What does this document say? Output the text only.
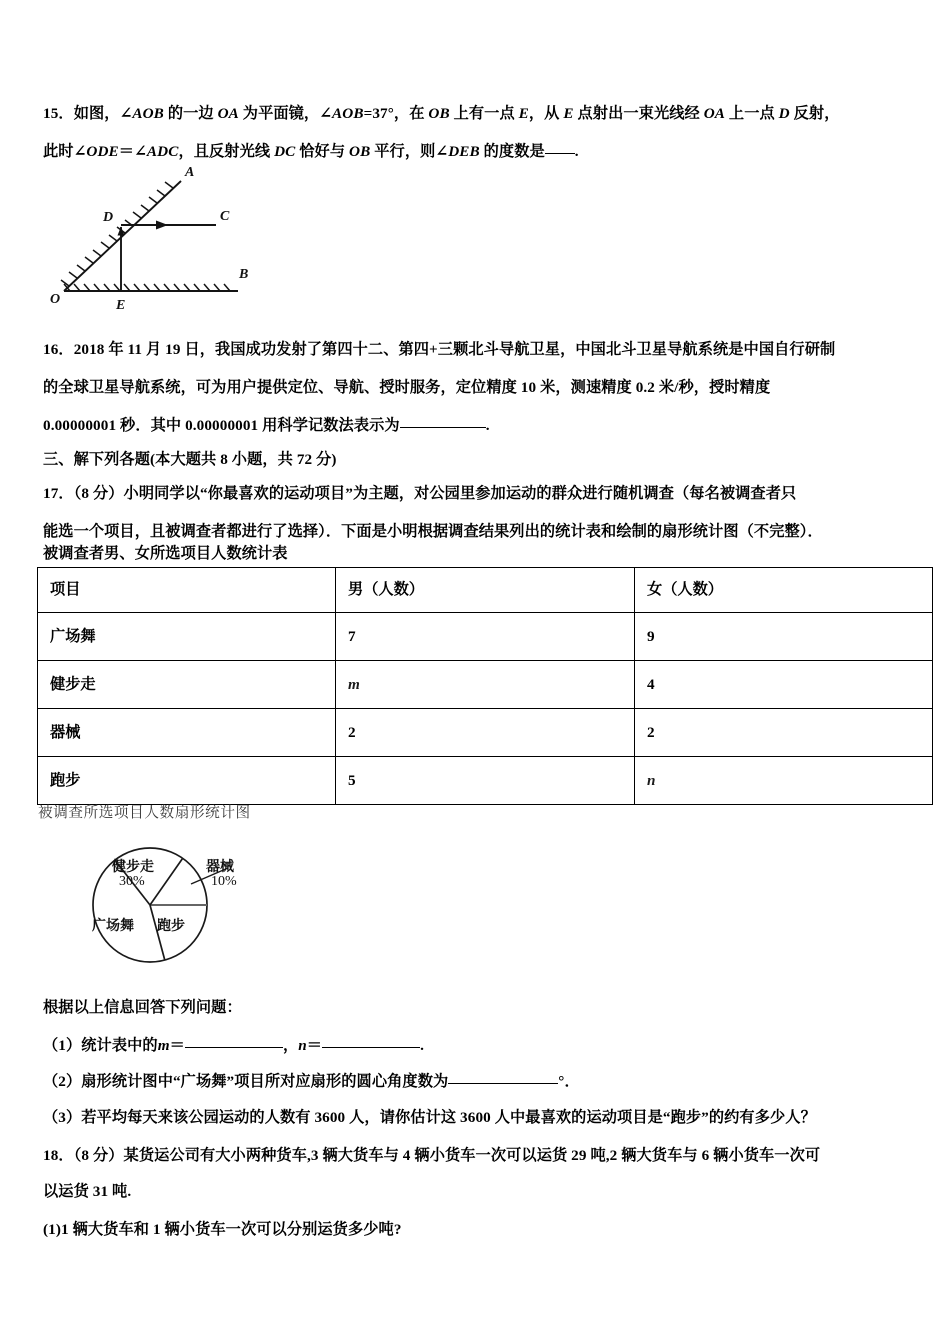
15．如图，∠AOB 的一边 OA 为平面镜，∠AOB=37°，在 OB 上有一点 E，从 E 点射出一束光线经 OA 上一点 D 反射，
此时∠ODE＝∠ADC，且反射光线 DC 恰好与 OB 平行，则∠DEB 的度数是 .
A
B
C
D
E
O
16．2018 年 11 月 19 日，我国成功发射了第四十二、第四+三颗北斗导航卫星，中国北斗卫星导航系统是中国自行研制
的全球卫星导航系统，可为用户提供定位、导航、授时服务，定位精度 10 米，测速精度 0.2 米/秒，授时精度
0.00000001 秒．其中 0.00000001 用科学记数法表示为	.
三、解下列各题(本大题共 8 小题，共 72 分)
17．（8 分）小明同学以“你最喜欢的运动项目”为主题，对公园里参加运动的群众进行随机调查（每名被调查者只
能选一个项目，且被调查者都进行了选择）．下面是小明根据调查结果列出的统计表和绘制的扇形统计图（不完整）．
被调查者男、女所选项目人数统计表
项目	男（人数）	女（人数）
广场舞	7	9
健步走	m	4
器械	2	2
跑步	5	n
被调查所选项目人数扇形统计图
健步走
30%
器械
10%
广场舞 跑步
根据以上信息回答下列问题：
（1）统计表中的m＝	，n＝	.
（2）扇形统计图中“广场舞”项目所对应扇形的圆心角度数为	°．
（3）若平均每天来该公园运动的人数有 3600 人，请你估计这 3600 人中最喜欢的运动项目是“跑步”的约有多少人？
18．（8 分）某货运公司有大小两种货车,3 辆大货车与 4 辆小货车一次可以运货 29 吨,2 辆大货车与 6 辆小货车一次可
以运货 31 吨.
(1)1 辆大货车和 1 辆小货车一次可以分别运货多少吨?
